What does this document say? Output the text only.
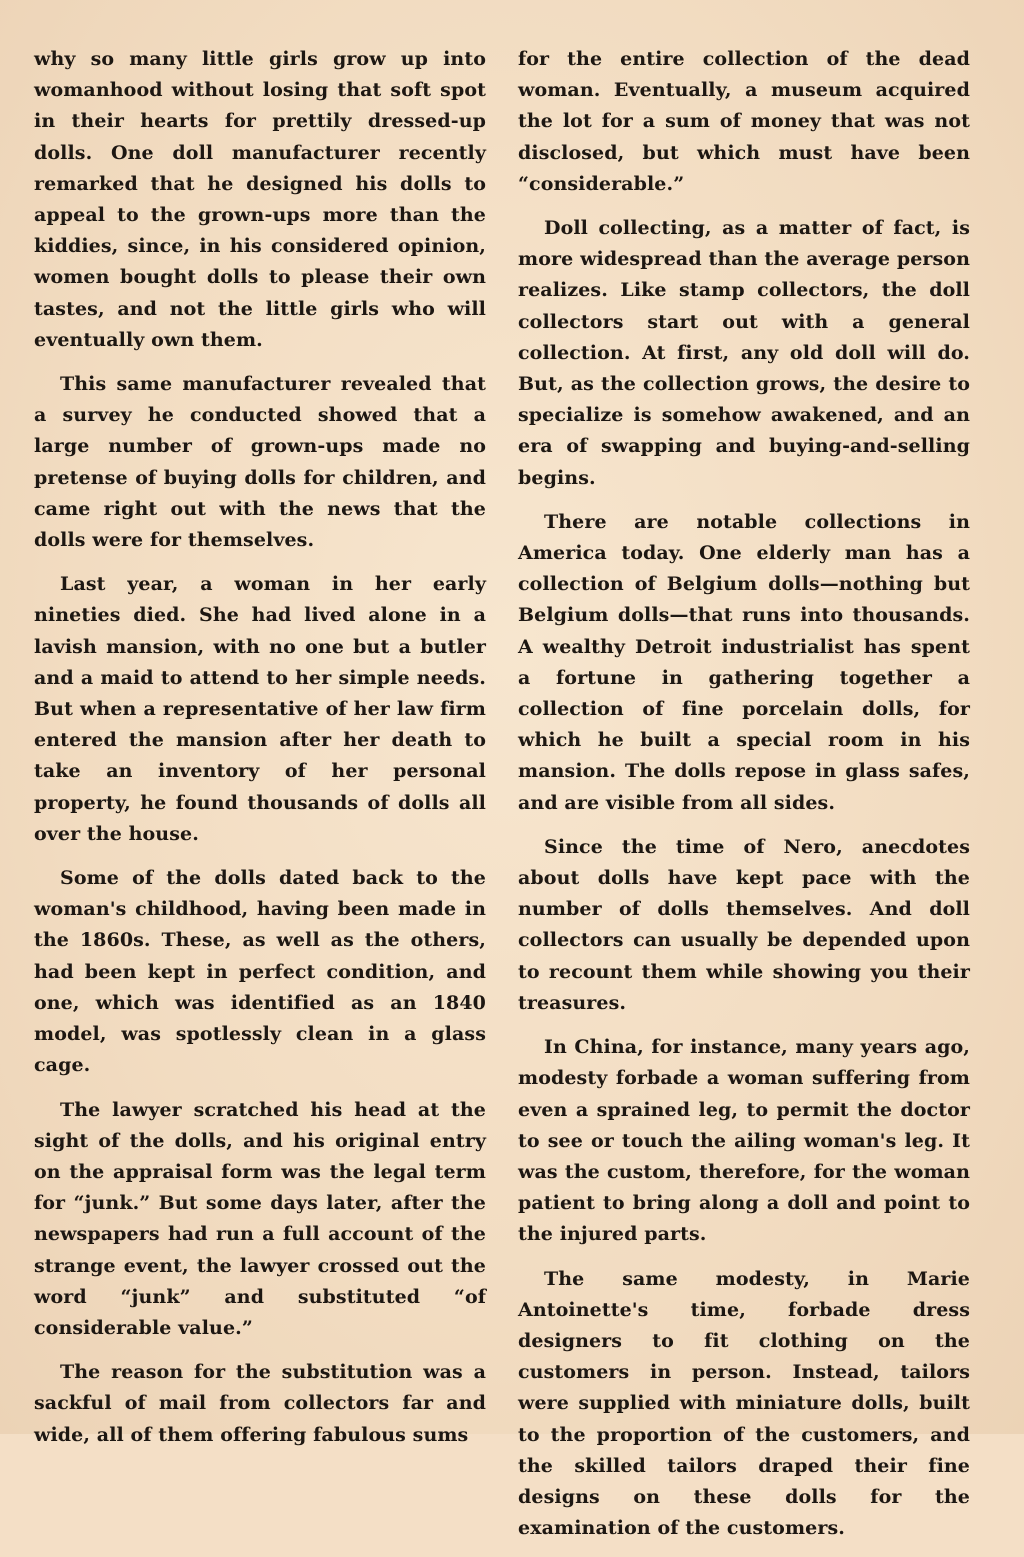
why so many little girls grow up into womanhood without losing that soft spot in their hearts for prettily dressed-up dolls. One doll manufacturer recently remarked that he designed his dolls to appeal to the grown-ups more than the kiddies, since, in his considered opinion, women bought dolls to please their own tastes, and not the little girls who will eventually own them.

This same manufacturer revealed that a survey he conducted showed that a large number of grown-ups made no pretense of buying dolls for children, and came right out with the news that the dolls were for themselves.

Last year, a woman in her early nineties died. She had lived alone in a lavish mansion, with no one but a butler and a maid to attend to her simple needs. But when a representative of her law firm entered the mansion after her death to take an inventory of her personal property, he found thousands of dolls all over the house.

Some of the dolls dated back to the woman's childhood, having been made in the 1860s. These, as well as the others, had been kept in perfect condition, and one, which was identified as an 1840 model, was spotlessly clean in a glass cage.

The lawyer scratched his head at the sight of the dolls, and his original entry on the appraisal form was the legal term for “junk.” But some days later, after the newspapers had run a full account of the strange event, the lawyer crossed out the word “junk” and substituted “of considerable value.”

The reason for the substitution was a sackful of mail from collectors far and wide, all of them offering fabulous sums

for the entire collection of the dead woman. Eventually, a museum acquired the lot for a sum of money that was not disclosed, but which must have been “considerable.”

Doll collecting, as a matter of fact, is more widespread than the average person realizes. Like stamp collectors, the doll collectors start out with a general collection. At first, any old doll will do. But, as the collection grows, the desire to specialize is somehow awakened, and an era of swapping and buying-and-selling begins.

There are notable collections in America today. One elderly man has a collection of Belgium dolls—nothing but Belgium dolls—that runs into thousands. A wealthy Detroit industrialist has spent a fortune in gathering together a collection of fine porcelain dolls, for which he built a special room in his mansion. The dolls repose in glass safes, and are visible from all sides.

Since the time of Nero, anecdotes about dolls have kept pace with the number of dolls themselves. And doll collectors can usually be depended upon to recount them while showing you their treasures.

In China, for instance, many years ago, modesty forbade a woman suffering from even a sprained leg, to permit the doctor to see or touch the ailing woman's leg. It was the custom, therefore, for the woman patient to bring along a doll and point to the injured parts.

The same modesty, in Marie Antoinette's time, forbade dress designers to fit clothing on the customers in person. Instead, tailors were supplied with miniature dolls, built to the proportion of the customers, and the skilled tailors draped their fine designs on these dolls for the examination of the customers.
